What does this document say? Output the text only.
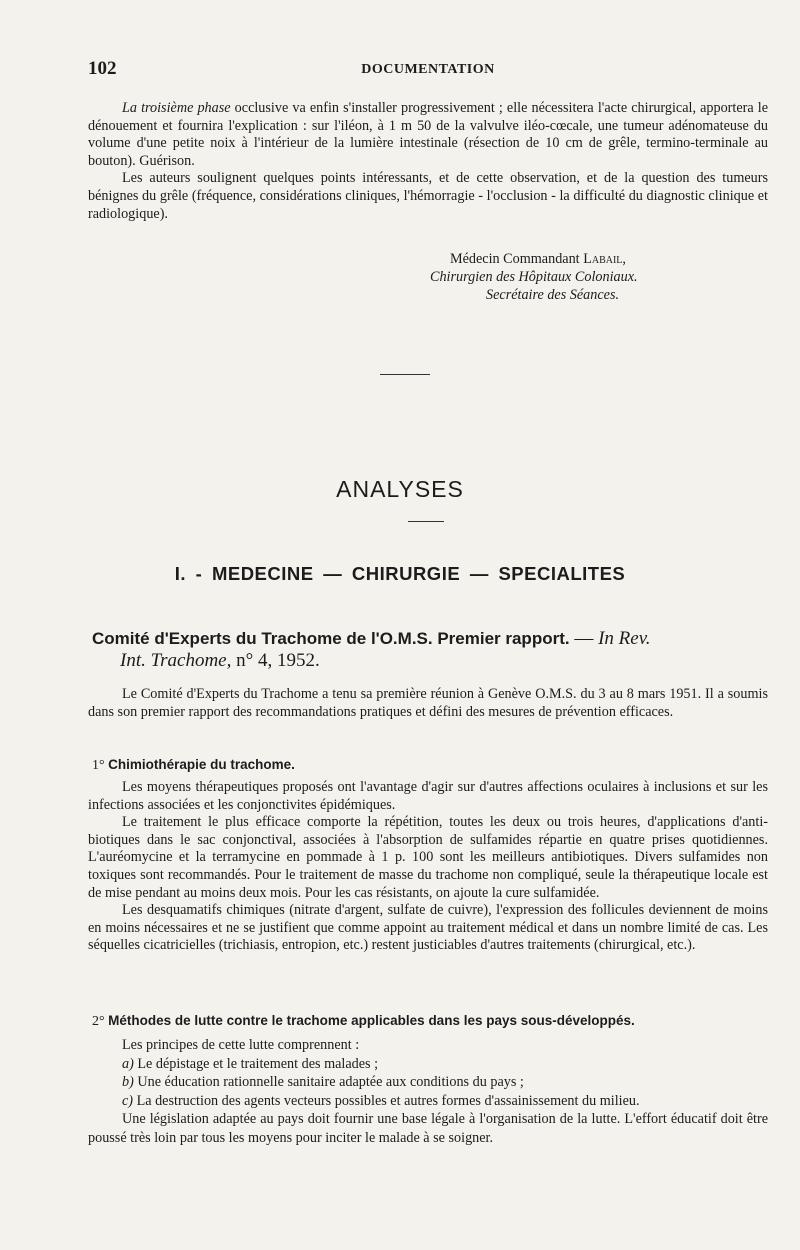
102	DOCUMENTATION

La troisième phase occlusive va enfin s'installer progressivement ; elle nécessitera l'acte chirurgical, apportera le dénouement et fournira l'explication : sur l'iléon, à 1 m 50 de la valvulve iléo-cœcale, une tumeur adénomateuse du volume d'une petite noix à l'intérieur de la lumière intestinale (résection de 10 cm de grêle, termino-terminale au bouton). Guérison.

Les auteurs soulignent quelques points intéressants, et de cette observation, et de la question des tumeurs bénignes du grêle (fréquence, considérations cliniques, l'hémorragie - l'occlusion - la difficulté du diagnostic clinique et radiologique).

Médecin Commandant Labail,
Chirurgien des Hôpitaux Coloniaux.
Secrétaire des Séances.
ANALYSES
I. - MEDECINE — CHIRURGIE — SPECIALITES
Comité d'Experts du Trachome de l'O.M.S. Premier rapport. — In Rev.
Int. Trachome, n° 4, 1952.

Le Comité d'Experts du Trachome a tenu sa première réunion à Genève O.M.S. du 3 au 8 mars 1951. Il a soumis dans son premier rapport des recommandations pratiques et défini des mesures de prévention efficaces.

1° Chimiothérapie du trachome.

Les moyens thérapeutiques proposés ont l'avantage d'agir sur d'autres affections oculaires à inclusions et sur les infections associées et les conjonctivites épidémiques.

Le traitement le plus efficace comporte la répétition, toutes les deux ou trois heures, d'applications d'anti-biotiques dans le sac conjonctival, associées à l'absorption de sulfamides répartie en quatre prises quotidiennes. L'auréomycine et la terramycine en pommade à 1 p. 100 sont les meilleurs antibiotiques. Divers sulfamides non toxiques sont recommandés. Pour le traitement de masse du trachome non compliqué, seule la thérapeutique locale est de mise pendant au moins deux mois. Pour les cas résistants, on ajoute la cure sulfamidée.

Les desquamatifs chimiques (nitrate d'argent, sulfate de cuivre), l'expression des follicules deviennent de moins en moins nécessaires et ne se justifient que comme appoint au traitement médical et dans un nombre limité de cas. Les séquelles cicatricielles (trichiasis, entropion, etc.) restent justiciables d'autres traitements (chirurgical, etc.).

2° Méthodes de lutte contre le trachome applicables dans les pays sous-développés.

Les principes de cette lutte comprennent :

a) Le dépistage et le traitement des malades ;

b) Une éducation rationnelle sanitaire adaptée aux conditions du pays ;

c) La destruction des agents vecteurs possibles et autres formes d'assainissement du milieu.

Une législation adaptée au pays doit fournir une base légale à l'organisation de la lutte. L'effort éducatif doit être poussé très loin par tous les moyens pour inciter le malade à se soigner.
